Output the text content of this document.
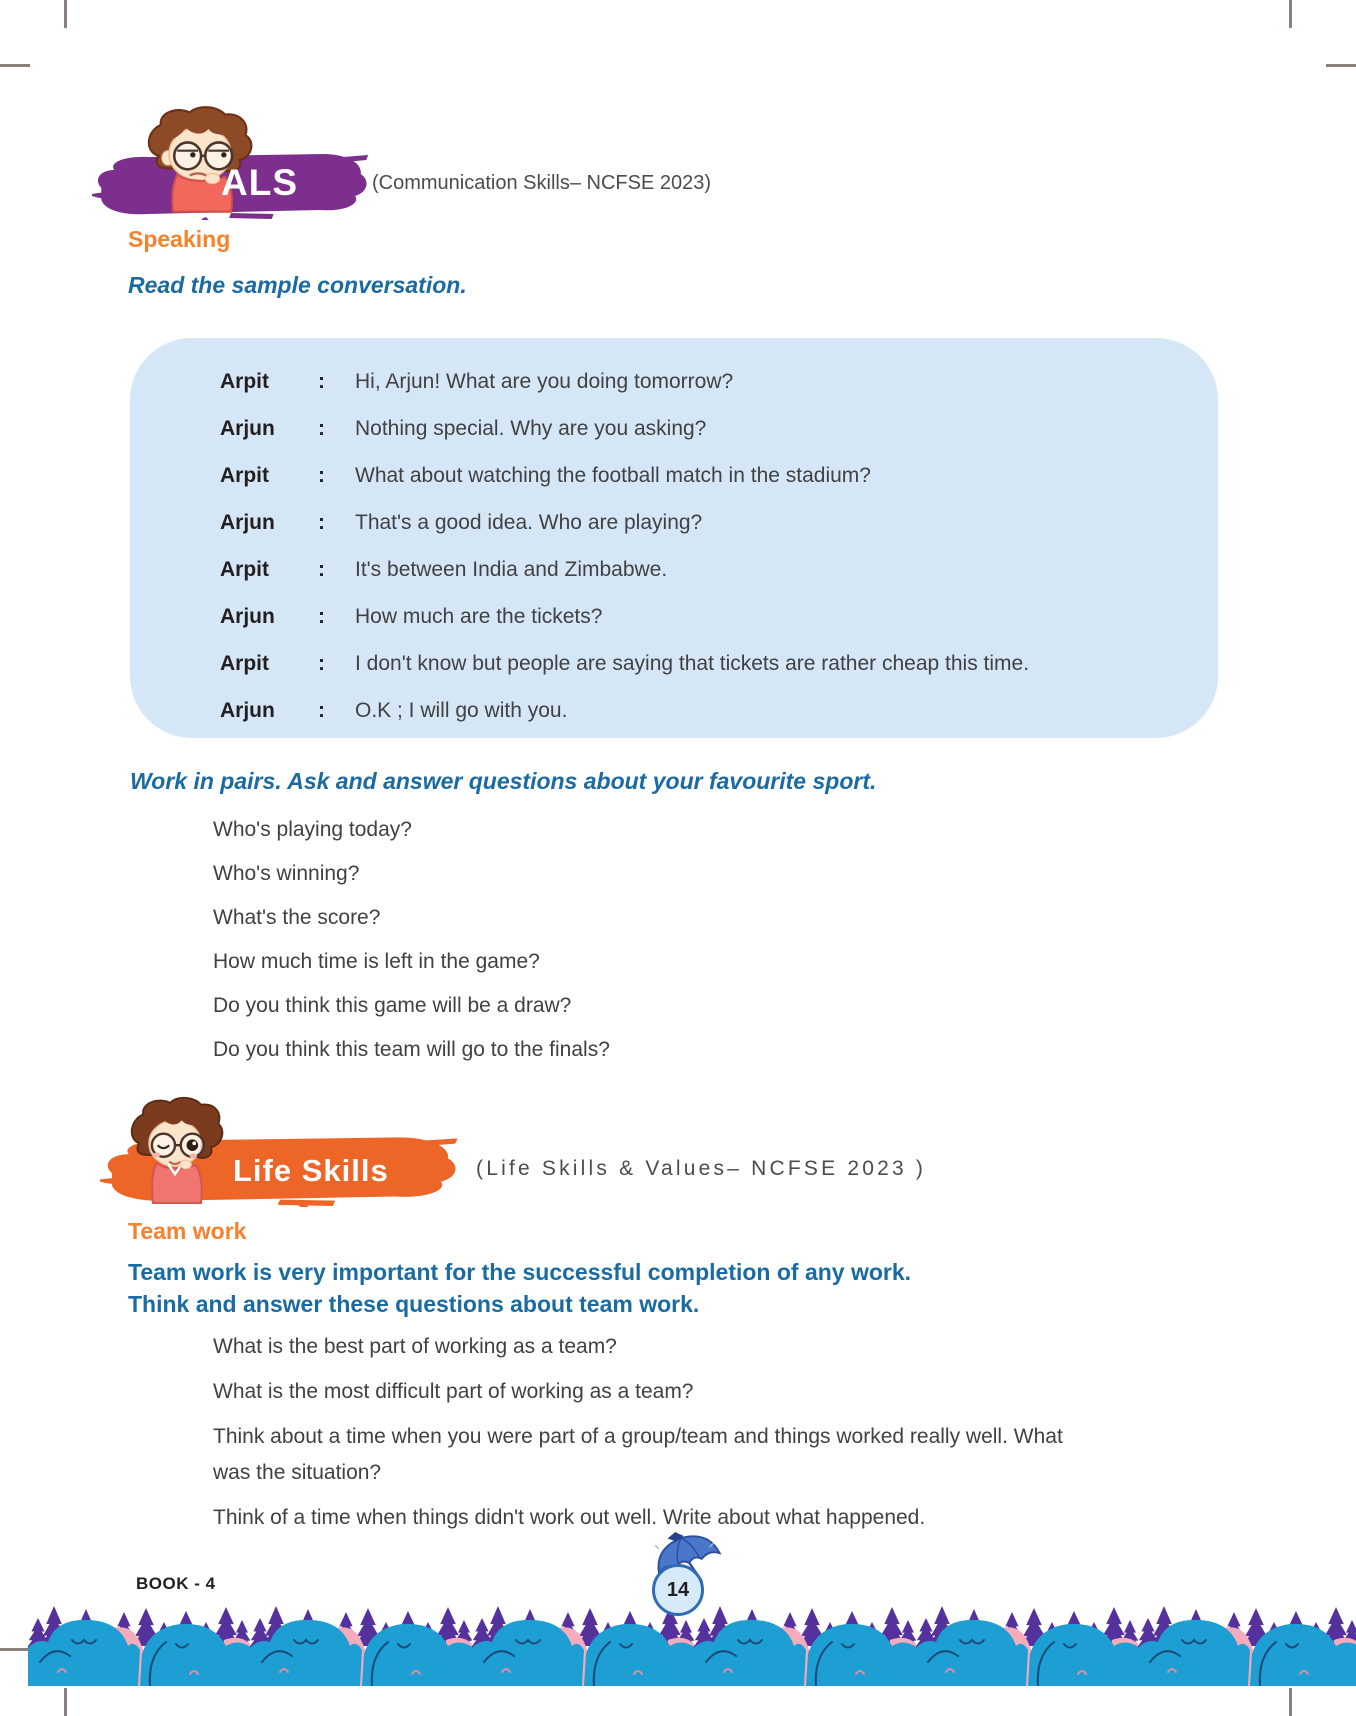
ALS	(Communication Skills– NCFSE 2023)
Speaking
Read the sample conversation.
Arpit	:	Hi, Arjun! What are you doing tomorrow?
Arjun	:	Nothing special. Why are you asking?
Arpit	:	What about watching the football match in the stadium?
Arjun	:	That's a good idea. Who are playing?
Arpit	:	It's between India and Zimbabwe.
Arjun	:	How much are the tickets?
Arpit	:	I don't know but people are saying that tickets are rather cheap this time.
Arjun	:	O.K ; I will go with you.
Work in pairs. Ask and answer questions about your favourite sport.
Who's playing today?
Who's winning?
What's the score?
How much time is left in the game?
Do you think this game will be a draw?
Do you think this team will go to the finals?
Life Skills	(Life Skills & Values– NCFSE 2023 )
Team work
Team work is very important for the successful completion of any work.
Think and answer these questions about team work.
What is the best part of working as a team?
What is the most difficult part of working as a team?
Think about a time when you were part of a group/team and things worked really well. What was the situation?
Think of a time when things didn't work out well. Write about what happened.
BOOK - 4	14
